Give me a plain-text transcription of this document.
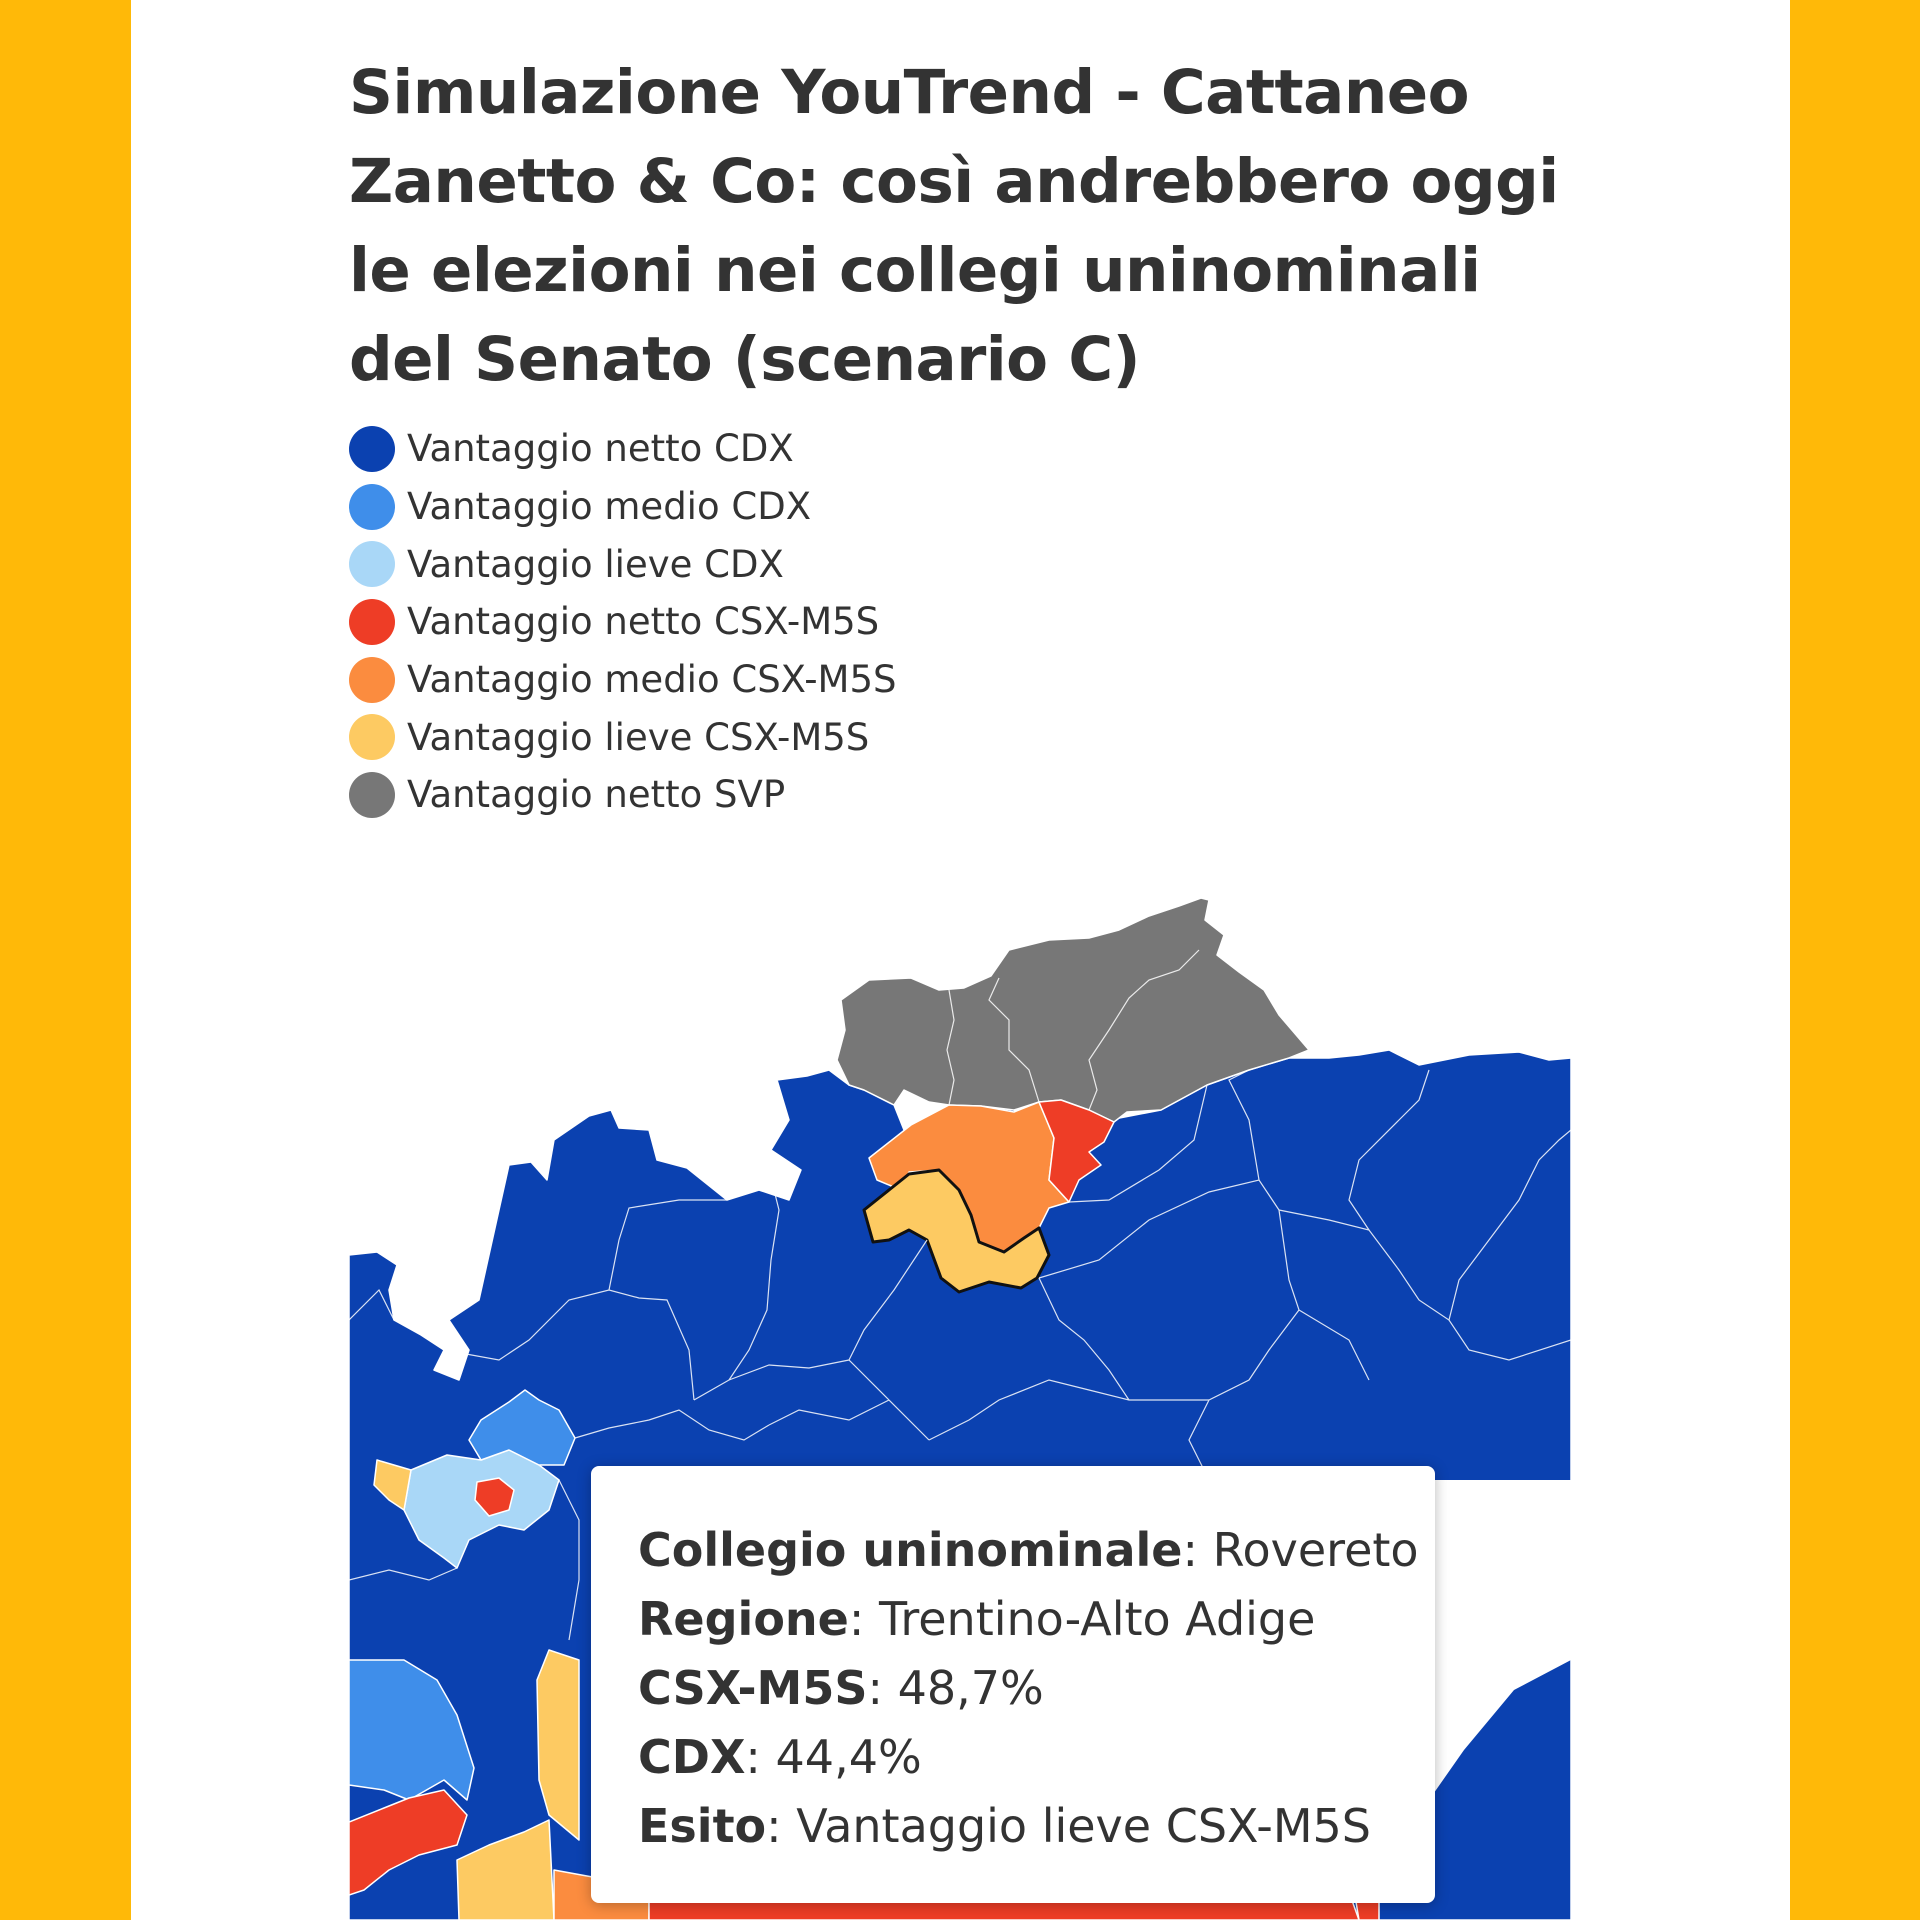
Simulazione YouTrend - Cattaneo Zanetto & Co: così andrebbero oggi le elezioni nei collegi uninominali del Senato (scenario C)
Vantaggio netto CDX
Vantaggio medio CDX
Vantaggio lieve CDX
Vantaggio netto CSX-M5S
Vantaggio medio CSX-M5S
Vantaggio lieve CSX-M5S
Vantaggio netto SVP
Collegio uninominale: Rovereto
Regione: Trentino-Alto Adige
CSX-M5S: 48,7%
CDX: 44,4%
Esito: Vantaggio lieve CSX-M5S
